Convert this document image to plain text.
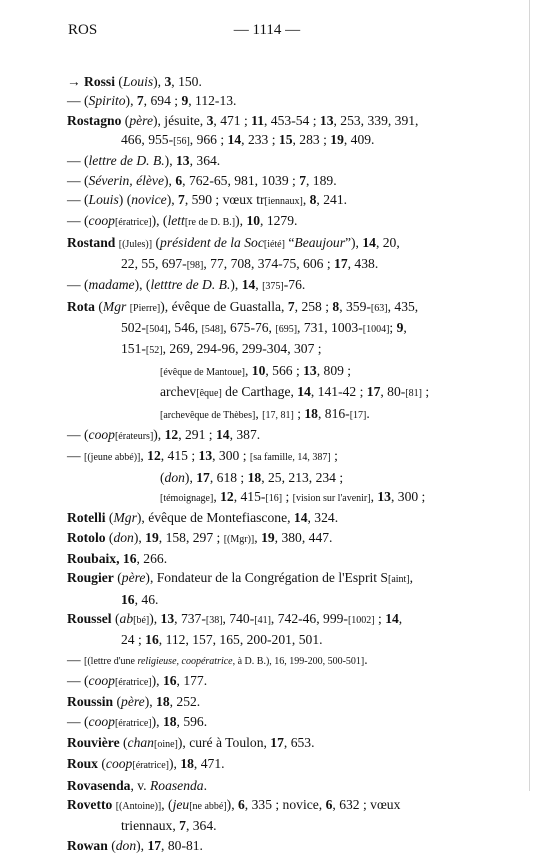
ROS	— 1114 —
→ Rossi (Louis), 3, 150.
— (Spirito), 7, 694 ; 9, 112-13.
Rostagno (père), jésuite, 3, 471 ; 11, 453-54 ; 13, 253, 339, 391,
466, 955-[56], 966 ; 14, 233 ; 15, 283 ; 19, 409.
— (lettre de D. B.), 13, 364.
— (Séverin, élève), 6, 762-65, 981, 1039 ; 7, 189.
— (Louis) (novice), 7, 590 ; vœux tr[iennaux], 8, 241.
— (coop[ératrice]), (lett[re de D. B.]), 10, 1279.
Rostand [(Jules)] (président de la Soc[iété] “Beaujour”), 14, 20,
22, 55, 697-[98], 77, 708, 374-75, 606 ; 17, 438.
— (madame), (letttre de D. B.), 14, [375]-76.
Rota (Mgr [Pierre]), évêque de Guastalla, 7, 258 ; 8, 359-[63], 435,
502-[504], 546, [548], 675-76, [695], 731, 1003-[1004]; 9,
151-[52], 269, 294-96, 299-304, 307 ;
[évêque de Mantoue], 10, 566 ; 13, 809 ;
archev[êque] de Carthage, 14, 141-42 ; 17, 80-[81] ;
[archevêque de Thèbes], [17, 81] ; 18, 816-[17].
— (coop[érateurs]), 12, 291 ; 14, 387.
— [(jeune abbé)], 12, 415 ; 13, 300 ; [sa famille, 14, 387] ;
(don), 17, 618 ; 18, 25, 213, 234 ;
[témoignage], 12, 415-[16] ; [vision sur l'avenir], 13, 300 ;
Rotelli (Mgr), évêque de Montefiascone, 14, 324.
Rotolo (don), 19, 158, 297 ; [(Mgr)], 19, 380, 447.
Roubaix, 16, 266.
Rougier (père), Fondateur de la Congrégation de l'Esprit S[aint],
16, 46.
Roussel (ab[bé]), 13, 737-[38], 740-[41], 742-46, 999-[1002] ; 14,
24 ; 16, 112, 157, 165, 200-201, 501.
— [(lettre d'une religieuse, coopératrice, à D. B.), 16, 199-200, 500-501].
— (coop[ératrice]), 16, 177.
Roussin (père), 18, 252.
— (coop[ératrice]), 18, 596.
Rouvière (chan[oine]), curé à Toulon, 17, 653.
Roux (coop[ératrice]), 18, 471.
Rovasenda, v. Roasenda.
Rovetto [(Antoine)], (jeu[ne abbé]), 6, 335 ; novice, 6, 632 ; vœux
triennaux, 7, 364.
Rowan (don), 17, 80-81.
